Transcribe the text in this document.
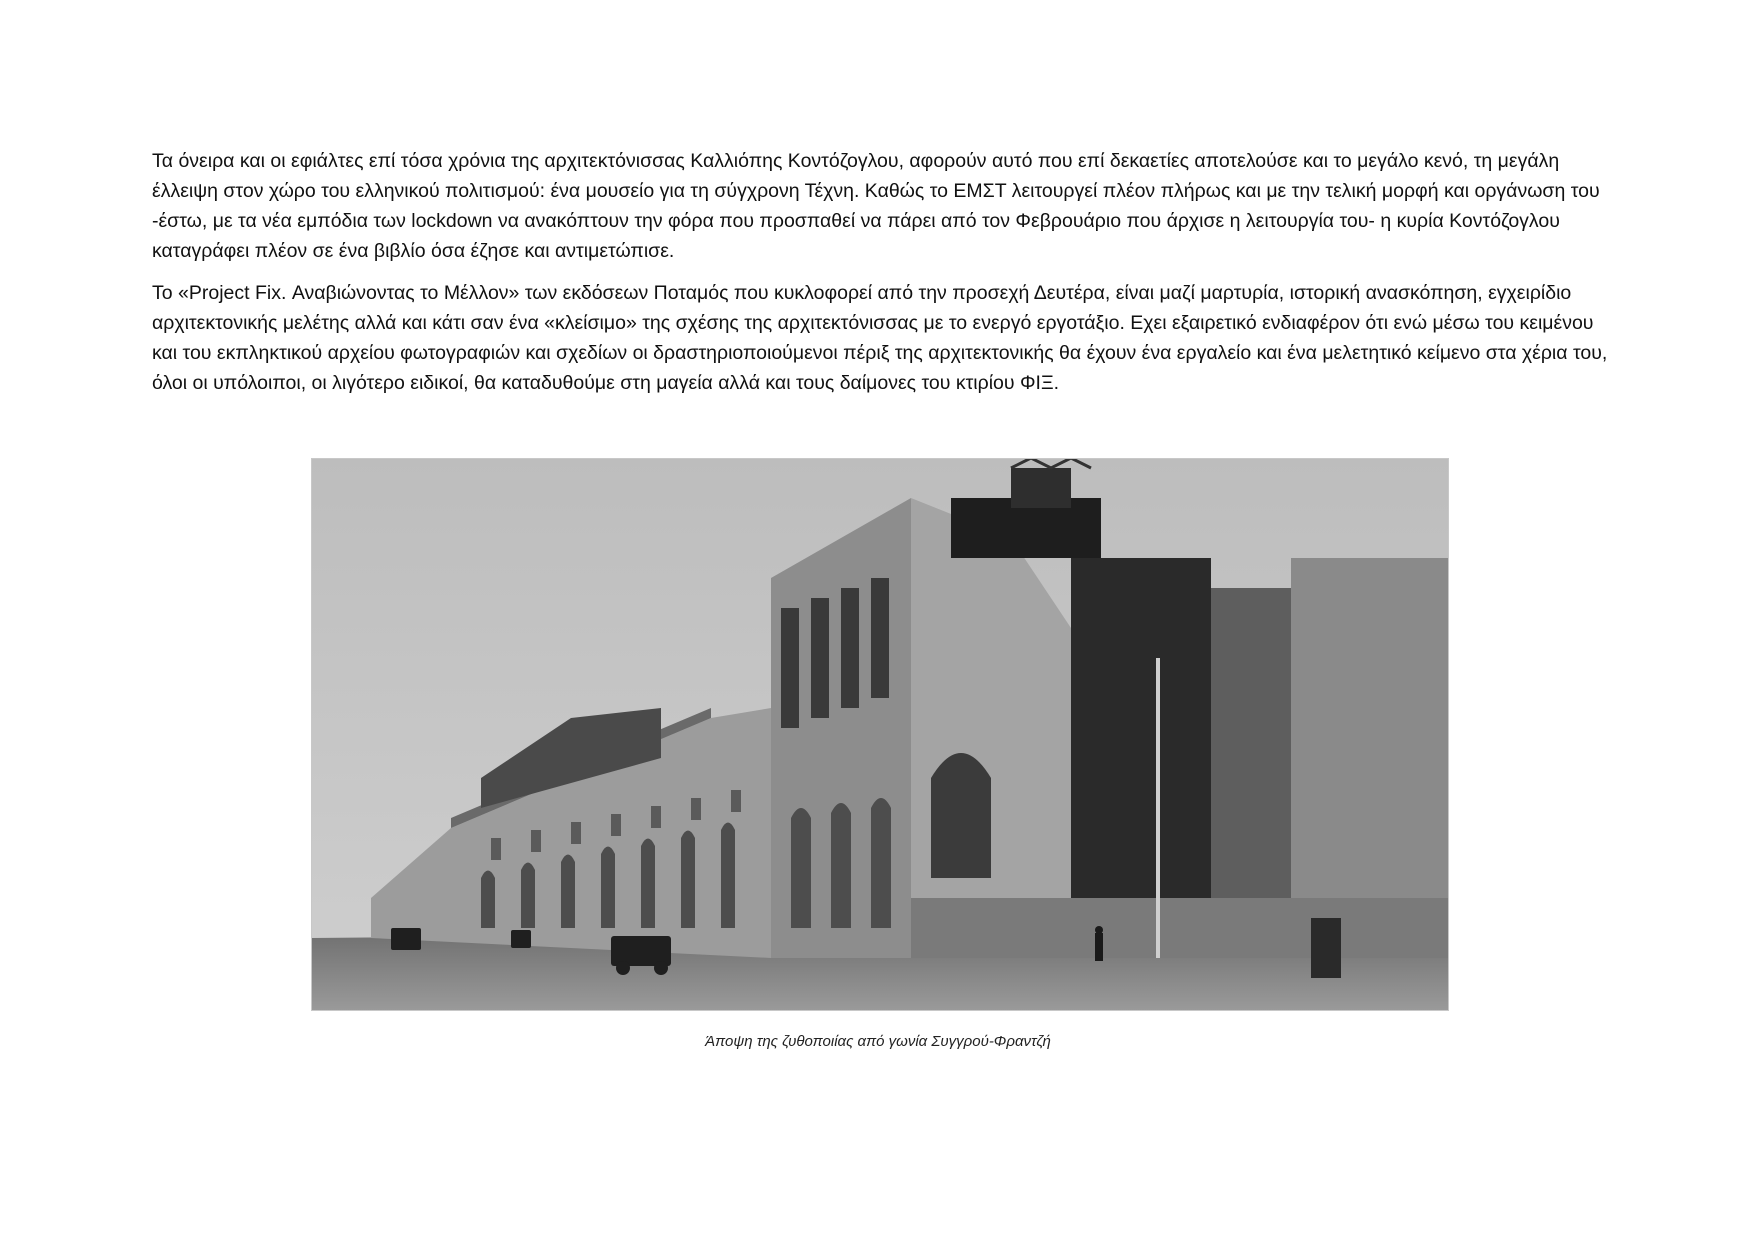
Τα όνειρα και οι εφιάλτες επί τόσα χρόνια της αρχιτεκτόνισσας Καλλιόπης Κοντόζογλου, αφορούν αυτό που επί δεκαετίες αποτελούσε και το μεγάλο κενό, τη μεγάλη έλλειψη στον χώρο του ελληνικού πολιτισμού: ένα μουσείο για τη σύγχρονη Τέχνη. Καθώς το ΕΜΣΤ λειτουργεί πλέον πλήρως και με την τελική μορφή και οργάνωση του -έστω, με τα νέα εμπόδια των lockdown να ανακόπτουν την φόρα που προσπαθεί να πάρει από τον Φεβρουάριο που άρχισε η λειτουργία του- η κυρία Κοντόζογλου καταγράφει πλέον σε ένα βιβλίο όσα έζησε και αντιμετώπισε.

Το «Project Fix. Αναβιώνοντας το Μέλλον» των εκδόσεων Ποταμός που κυκλοφορεί από την προσεχή Δευτέρα, είναι μαζί μαρτυρία, ιστορική ανασκόπηση, εγχειρίδιο αρχιτεκτονικής μελέτης αλλά και κάτι σαν ένα «κλείσιμο» της σχέσης της αρχιτεκτόνισσας με το ενεργό εργοτάξιο. Εχει εξαιρετικό ενδιαφέρον ότι ενώ μέσω του κειμένου και του εκπληκτικού αρχείου φωτογραφιών και σχεδίων οι δραστηριοποιούμενοι πέριξ της αρχιτεκτονικής θα έχουν ένα εργαλείο και ένα μελετητικό κείμενο στα χέρια του, όλοι οι υπόλοιποι, οι λιγότερο ειδικοί, θα καταδυθούμε στη μαγεία αλλά και τους δαίμονες του κτιρίου ΦΙΞ.

Άποψη της ζυθοποιίας από γωνία Συγγρού-Φραντζή
